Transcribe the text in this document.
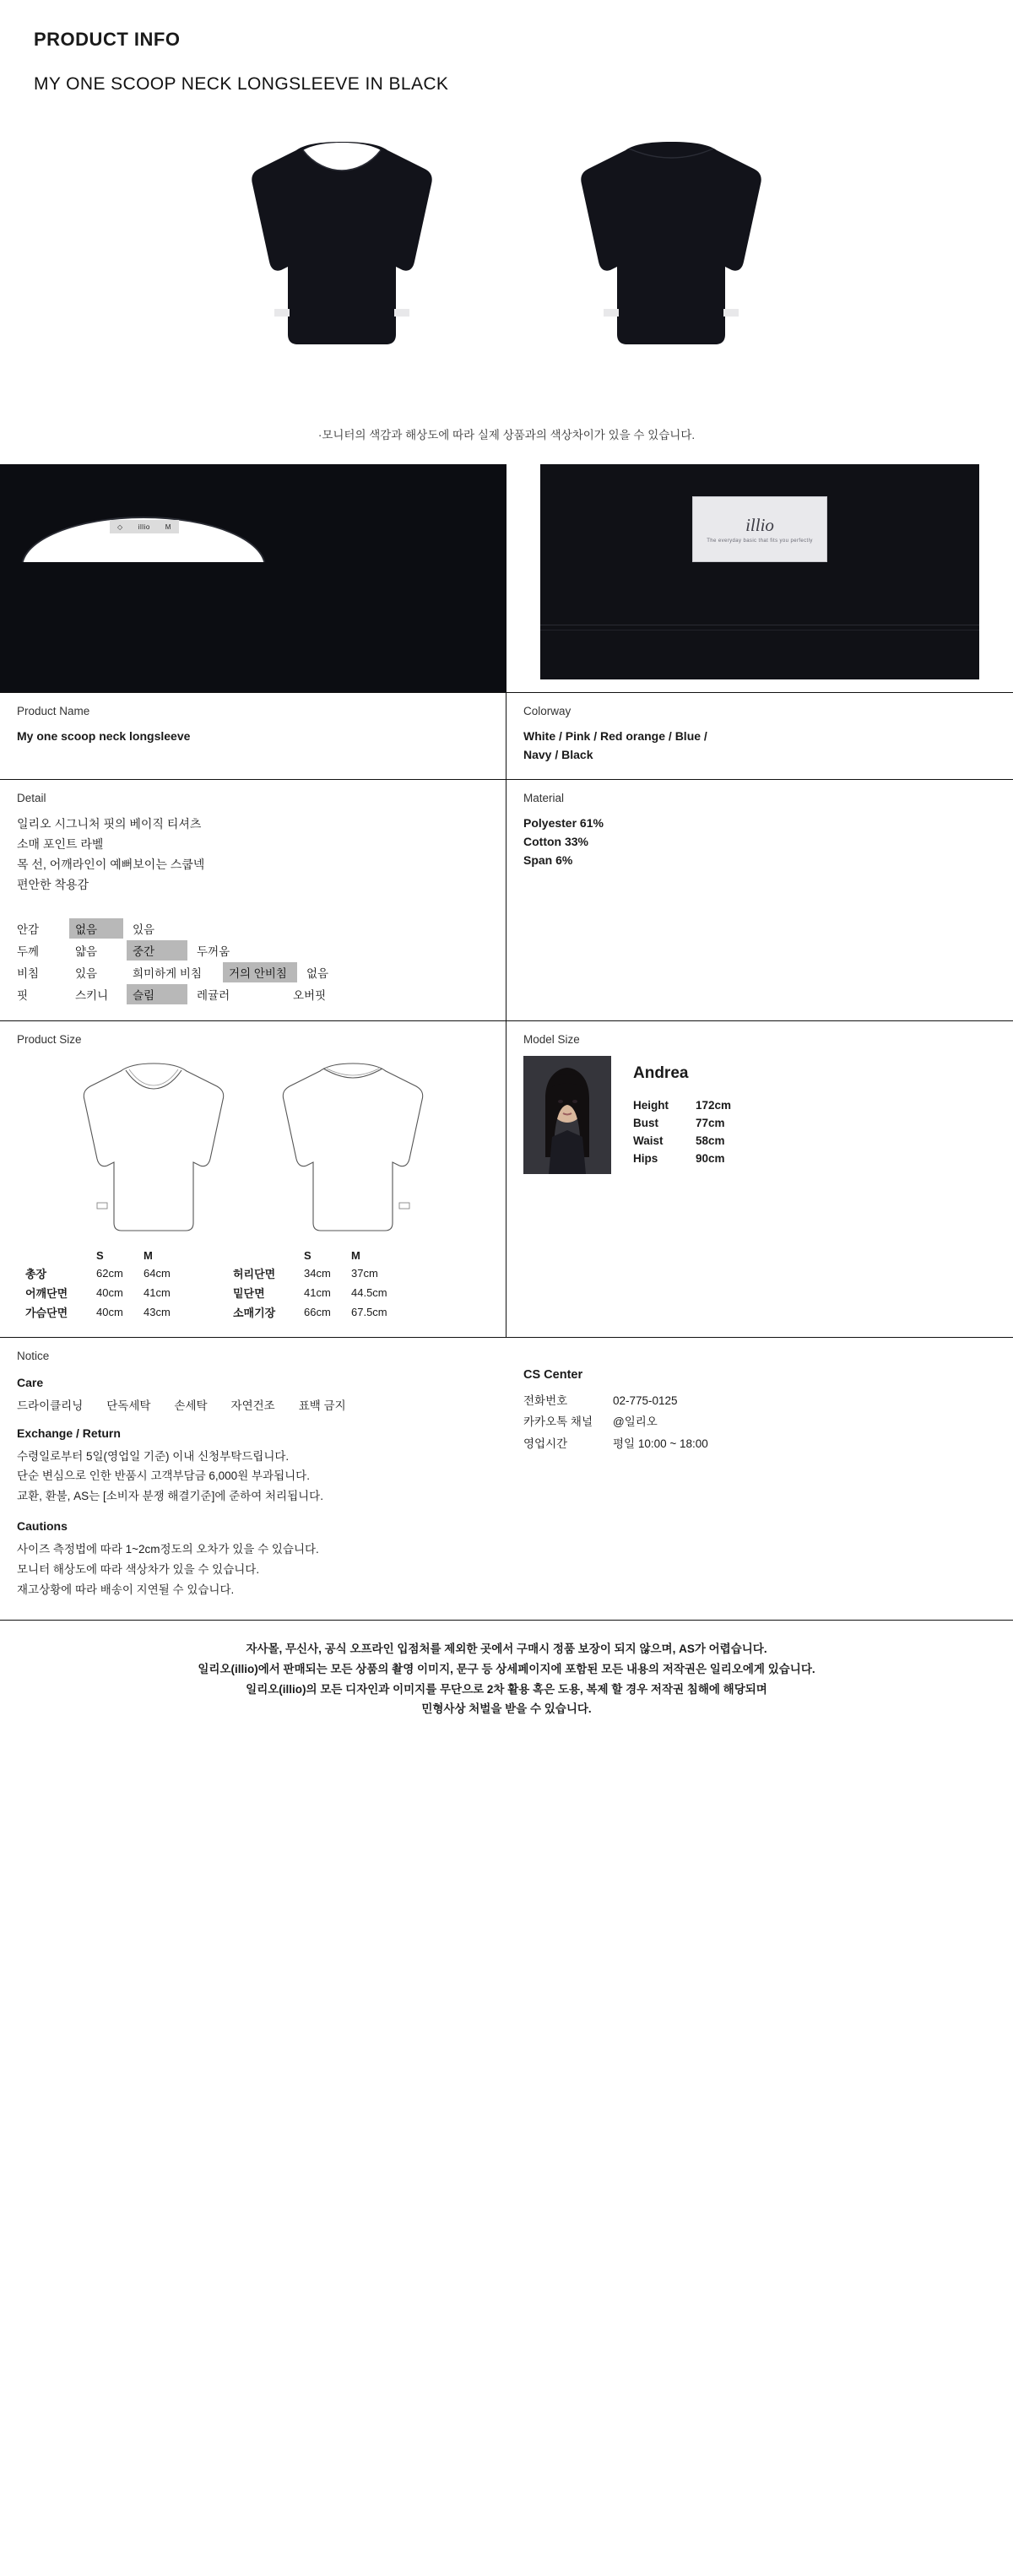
PRODUCT INFO
MY ONE SCOOP NECK LONGSLEEVE IN BLACK
·모니터의 색감과 해상도에 따라 실제 상품과의 색상차이가 있을 수 있습니다.
◇ illio M	illio
The everyday basic that fits you perfectly
Product Name
My one scoop neck longsleeve
Colorway
White / Pink / Red orange / Blue /
Navy / Black
Detail
일리오 시그니처 핏의 베이직 티셔츠
소매 포인트 라벨
목 선, 어깨라인이 예뻐보이는 스쿱넥
편안한 착용감
안감	없음	있음
두께	얇음	중간	두꺼움
비침	있음	희미하게 비침	거의 안비침	없음
핏	스키니	슬림	레귤러	오버핏
Material
Polyester 61%
Cotton 33%
Span 6%
Product Size
	S	M
총장	62cm	64cm
어깨단면	40cm	41cm
가슴단면	40cm	43cm
	S	M
허리단면	34cm	37cm
밑단면	41cm	44.5cm
소매기장	66cm	67.5cm
Model Size
Andrea
Height	172cm
Bust	77cm
Waist	58cm
Hips	90cm
Notice
Care
드라이클리닝 단독세탁 손세탁 자연건조 표백 금지
Exchange / Return
수령일로부터 5일(영업일 기준) 이내 신청부탁드립니다.
단순 변심으로 인한 반품시 고객부담금 6,000원 부과됩니다.
교환, 환불, AS는 [소비자 분쟁 해결기준]에 준하여 처리됩니다.
Cautions
사이즈 측정법에 따라 1~2cm정도의 오차가 있을 수 있습니다.
모니터 해상도에 따라 색상차가 있을 수 있습니다.
재고상황에 따라 배송이 지연될 수 있습니다.
CS Center
전화번호	02-775-0125
카카오톡 채널	@일리오
영업시간	평일 10:00 ~ 18:00
자사몰, 무신사, 공식 오프라인 입점처를 제외한 곳에서 구매시 정품 보장이 되지 않으며, AS가 어렵습니다.
일리오(illio)에서 판매되는 모든 상품의 촬영 이미지, 문구 등 상세페이지에 포함된 모든 내용의 저작권은 일리오에게 있습니다.
일리오(illio)의 모든 디자인과 이미지를 무단으로 2차 활용 혹은 도용, 복제 할 경우 저작권 침해에 해당되며
민형사상 처벌을 받을 수 있습니다.
